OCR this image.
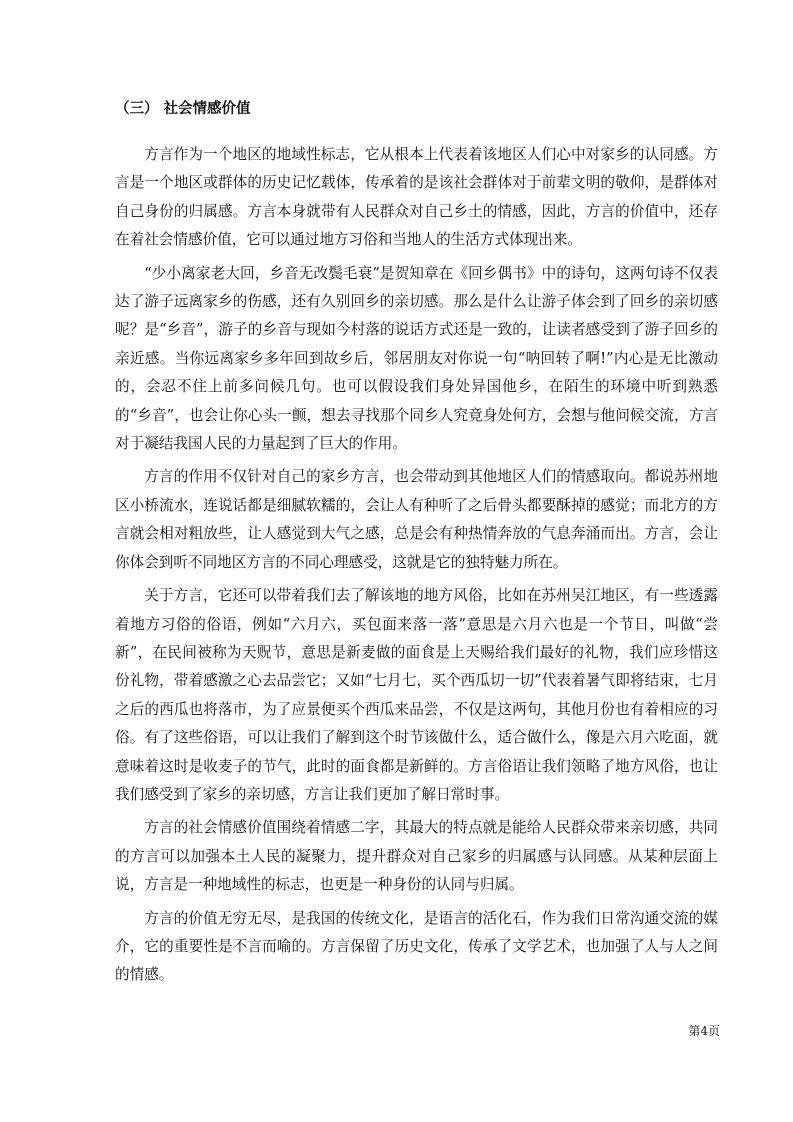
（三） 社会情感价值

方言作为一个地区的地域性标志，它从根本上代表着该地区人们心中对家乡的认同感。方言是一个地区或群体的历史记忆载体，传承着的是该社会群体对于前辈文明的敬仰，是群体对自己身份的归属感。方言本身就带有人民群众对自己乡土的情感，因此，方言的价值中，还存在着社会情感价值，它可以通过地方习俗和当地人的生活方式体现出来。

“少小离家老大回，乡音无改鬓毛衰”是贺知章在《回乡偶书》中的诗句，这两句诗不仅表达了游子远离家乡的伤感，还有久别回乡的亲切感。那么是什么让游子体会到了回乡的亲切感呢？是“乡音”，游子的乡音与现如今村落的说话方式还是一致的，让读者感受到了游子回乡的亲近感。当你远离家乡多年回到故乡后，邻居朋友对你说一句“呐回转了啊!”内心是无比激动的，会忍不住上前多问候几句。也可以假设我们身处异国他乡，在陌生的环境中听到熟悉的“乡音”，也会让你心头一颤，想去寻找那个同乡人究竟身处何方，会想与他问候交流，方言对于凝结我国人民的力量起到了巨大的作用。

方言的作用不仅针对自己的家乡方言，也会带动到其他地区人们的情感取向。都说苏州地区小桥流水，连说话都是细腻软糯的，会让人有种听了之后骨头都要酥掉的感觉；而北方的方言就会相对粗放些，让人感觉到大气之感，总是会有种热情奔放的气息奔涌而出。方言，会让你体会到听不同地区方言的不同心理感受，这就是它的独特魅力所在。

关于方言，它还可以带着我们去了解该地的地方风俗，比如在苏州吴江地区，有一些透露着地方习俗的俗语，例如“六月六，买包面来落一落”意思是六月六也是一个节日，叫做“尝新”，在民间被称为天贶节，意思是新麦做的面食是上天赐给我们最好的礼物，我们应珍惜这份礼物，带着感激之心去品尝它；又如“七月七，买个西瓜切一切”代表着暑气即将结束，七月之后的西瓜也将落市，为了应景便买个西瓜来品尝，不仅是这两句，其他月份也有着相应的习俗。有了这些俗语，可以让我们了解到这个时节该做什么，适合做什么，像是六月六吃面，就意味着这时是收麦子的节气，此时的面食都是新鲜的。方言俗语让我们领略了地方风俗，也让我们感受到了家乡的亲切感，方言让我们更加了解日常时事。

方言的社会情感价值围绕着情感二字，其最大的特点就是能给人民群众带来亲切感，共同的方言可以加强本土人民的凝聚力，提升群众对自己家乡的归属感与认同感。从某种层面上说，方言是一种地域性的标志，也更是一种身份的认同与归属。

方言的价值无穷无尽，是我国的传统文化，是语言的活化石，作为我们日常沟通交流的媒介，它的重要性是不言而喻的。方言保留了历史文化，传承了文学艺术，也加强了人与人之间的情感。

第4页
